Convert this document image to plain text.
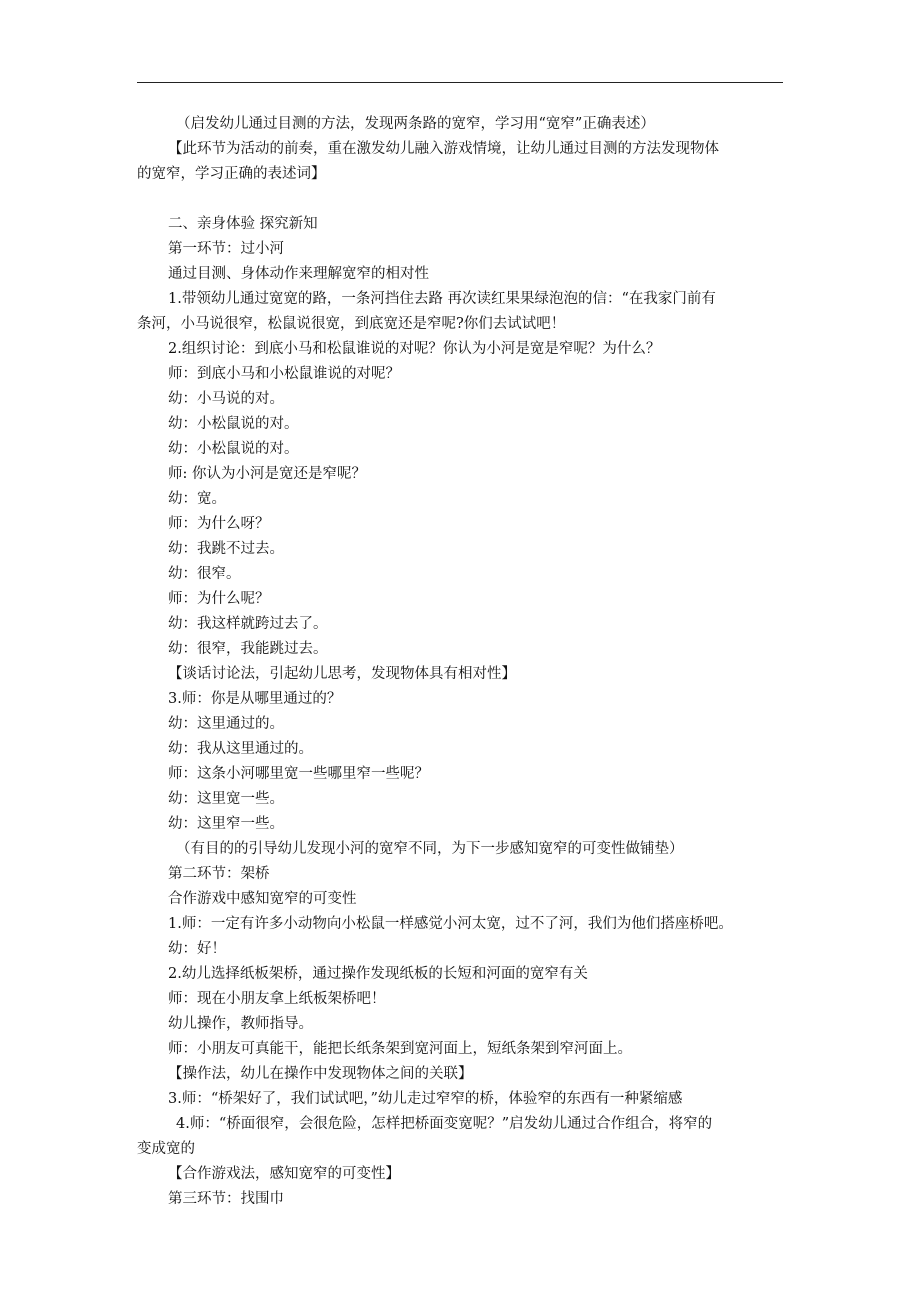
（启发幼儿通过目测的方法，发现两条路的宽窄，学习用“宽窄”正确表述）

【此环节为活动的前奏，重在激发幼儿融入游戏情境，让幼儿通过目测的方法发现物体

的宽窄，学习正确的表述词】

二、亲身体验 探究新知

第一环节：过小河

通过目测、身体动作来理解宽窄的相对性

1.带领幼儿通过宽宽的路，一条河挡住去路 再次读红果果绿泡泡的信：“在我家门前有

条河，小马说很窄，松鼠说很宽，到底宽还是窄呢?你们去试试吧！

2.组织讨论：到底小马和松鼠谁说的对呢？你认为小河是宽是窄呢？为什么？

师：到底小马和小松鼠谁说的对呢？

幼：小马说的对。

幼：小松鼠说的对。

幼：小松鼠说的对。

师: 你认为小河是宽还是窄呢？

幼：宽。

师：为什么呀？

幼：我跳不过去。

幼：很窄。

师：为什么呢？

幼：我这样就跨过去了。

幼：很窄，我能跳过去。

【谈话讨论法，引起幼儿思考，发现物体具有相对性】

3.师：你是从哪里通过的？

幼：这里通过的。

幼：我从这里通过的。

师：这条小河哪里宽一些哪里窄一些呢？

幼：这里宽一些。

幼：这里窄一些。

（有目的的引导幼儿发现小河的宽窄不同，为下一步感知宽窄的可变性做铺垫）

第二环节：架桥

合作游戏中感知宽窄的可变性

1.师：一定有许多小动物向小松鼠一样感觉小河太宽，过不了河，我们为他们搭座桥吧。

幼：好！

2.幼儿选择纸板架桥，通过操作发现纸板的长短和河面的宽窄有关

师：现在小朋友拿上纸板架桥吧！

幼儿操作，教师指导。

师：小朋友可真能干，能把长纸条架到宽河面上，短纸条架到窄河面上。

【操作法，幼儿在操作中发现物体之间的关联】

3.师：“桥架好了，我们试试吧，”幼儿走过窄窄的桥，体验窄的东西有一种紧缩感

4.师：“桥面很窄，会很危险，怎样把桥面变宽呢？”启发幼儿通过合作组合，将窄的

变成宽的

【合作游戏法，感知宽窄的可变性】

第三环节：找围巾
